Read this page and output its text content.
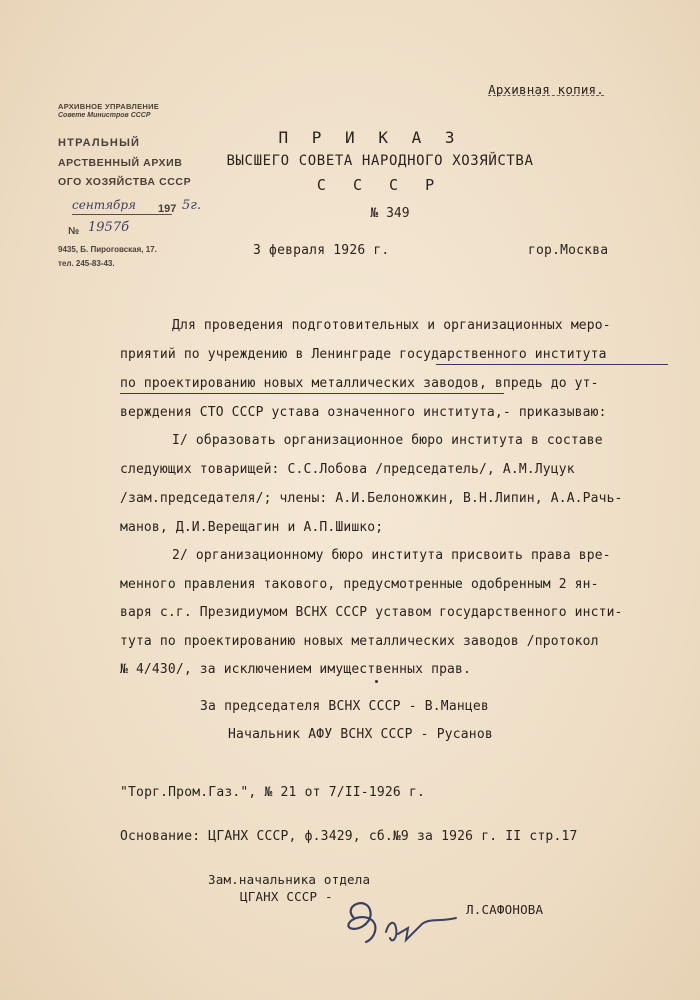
Архивная копия.
АРХИВНОЕ УПРАВЛЕНИЕ
Совете Министров СССР
НТРАЛЬНЫЙ
АРСТВЕННЫЙ АРХИВ
ОГО ХОЗЯЙСТВА СССР
сентября 197 5г.
№ 1957б
9435, Б. Пироговская, 17.
тел. 245-83-43.
П Р И К А З
ВЫСШЕГО СОВЕТА НАРОДНОГО ХОЗЯЙСТВА
С С С Р
№ 349
3 февраля 1926 г.	гор.Москва
Для проведения подготовительных и организационных меро-
приятий по учреждению в Ленинграде государственного института
по проектированию новых металлических заводов, впредь до ут-
верждения СТО СССР устава означенного института,- приказываю:
I/ образовать организационное бюро института в составе
следующих товарищей: С.С.Лобова /председатель/, А.М.Луцук
/зам.председателя/; члены: А.И.Белоножкин, В.Н.Липин, А.А.Рачь-
манов, Д.И.Верещагин и А.П.Шишко;
2/ организационному бюро института присвоить права вре-
менного правления такового, предусмотренные одобренным 2 ян-
варя с.г. Президиумом ВСНХ СССР уставом государственного инсти-
тута по проектированию новых металлических заводов /протокол
№ 4/430/, за исключением имущественных прав.
За председателя ВСНХ СССР - В.Манцев
Начальник АФУ ВСНХ СССР - Русанов
"Торг.Пром.Газ.", № 21 от 7/II-1926 г.
Основание: ЦГАНХ СССР, ф.3429, сб.№9 за 1926 г. II стр.17
Зам.начальника отдела
ЦГАНХ СССР -
Л.САФОНОВА
